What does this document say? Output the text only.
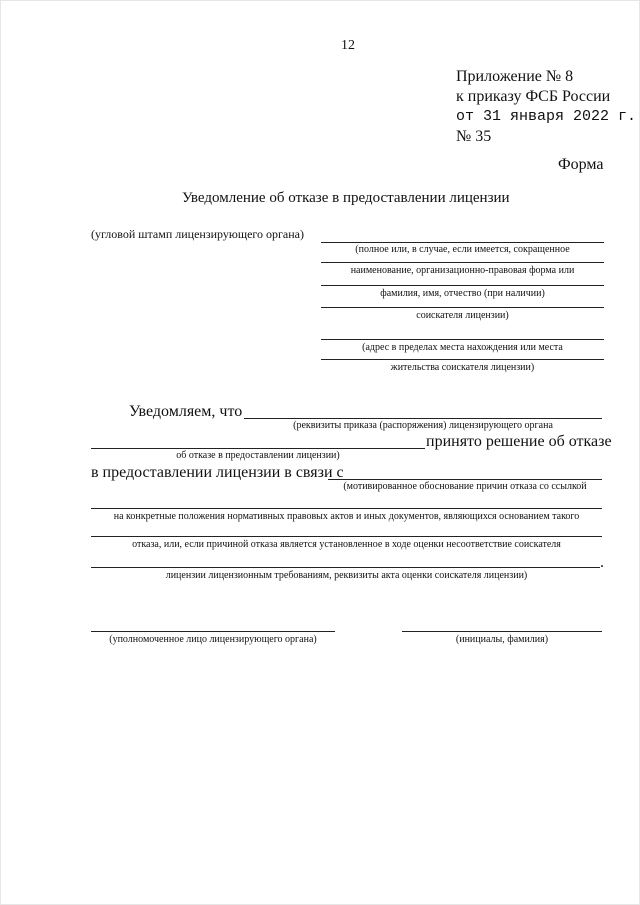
12
Приложение № 8
к приказу ФСБ России
от 31 января 2022 г.
№ 35
Форма
Уведомление об отказе в предоставлении лицензии
(угловой штамп лицензирующего органа)
(полное или, в случае, если имеется, сокращенное
наименование, организационно-правовая форма или
фамилия, имя, отчество (при наличии)
соискателя лицензии)
(адрес в пределах места нахождения или места
жительства соискателя лицензии)
Уведомляем, что
(реквизиты приказа (распоряжения) лицензирующего органа
принято решение об отказе
об отказе в предоставлении лицензии)
в предоставлении лицензии в связи с
(мотивированное обоснование причин отказа со ссылкой
на конкретные положения нормативных правовых актов и иных документов, являющихся основанием такого
отказа, или, если причиной отказа является установленное в ходе оценки несоответствие соискателя
.
лицензии лицензионным требованиям, реквизиты акта оценки соискателя лицензии)
(уполномоченное лицо лицензирующего органа)	(инициалы, фамилия)
